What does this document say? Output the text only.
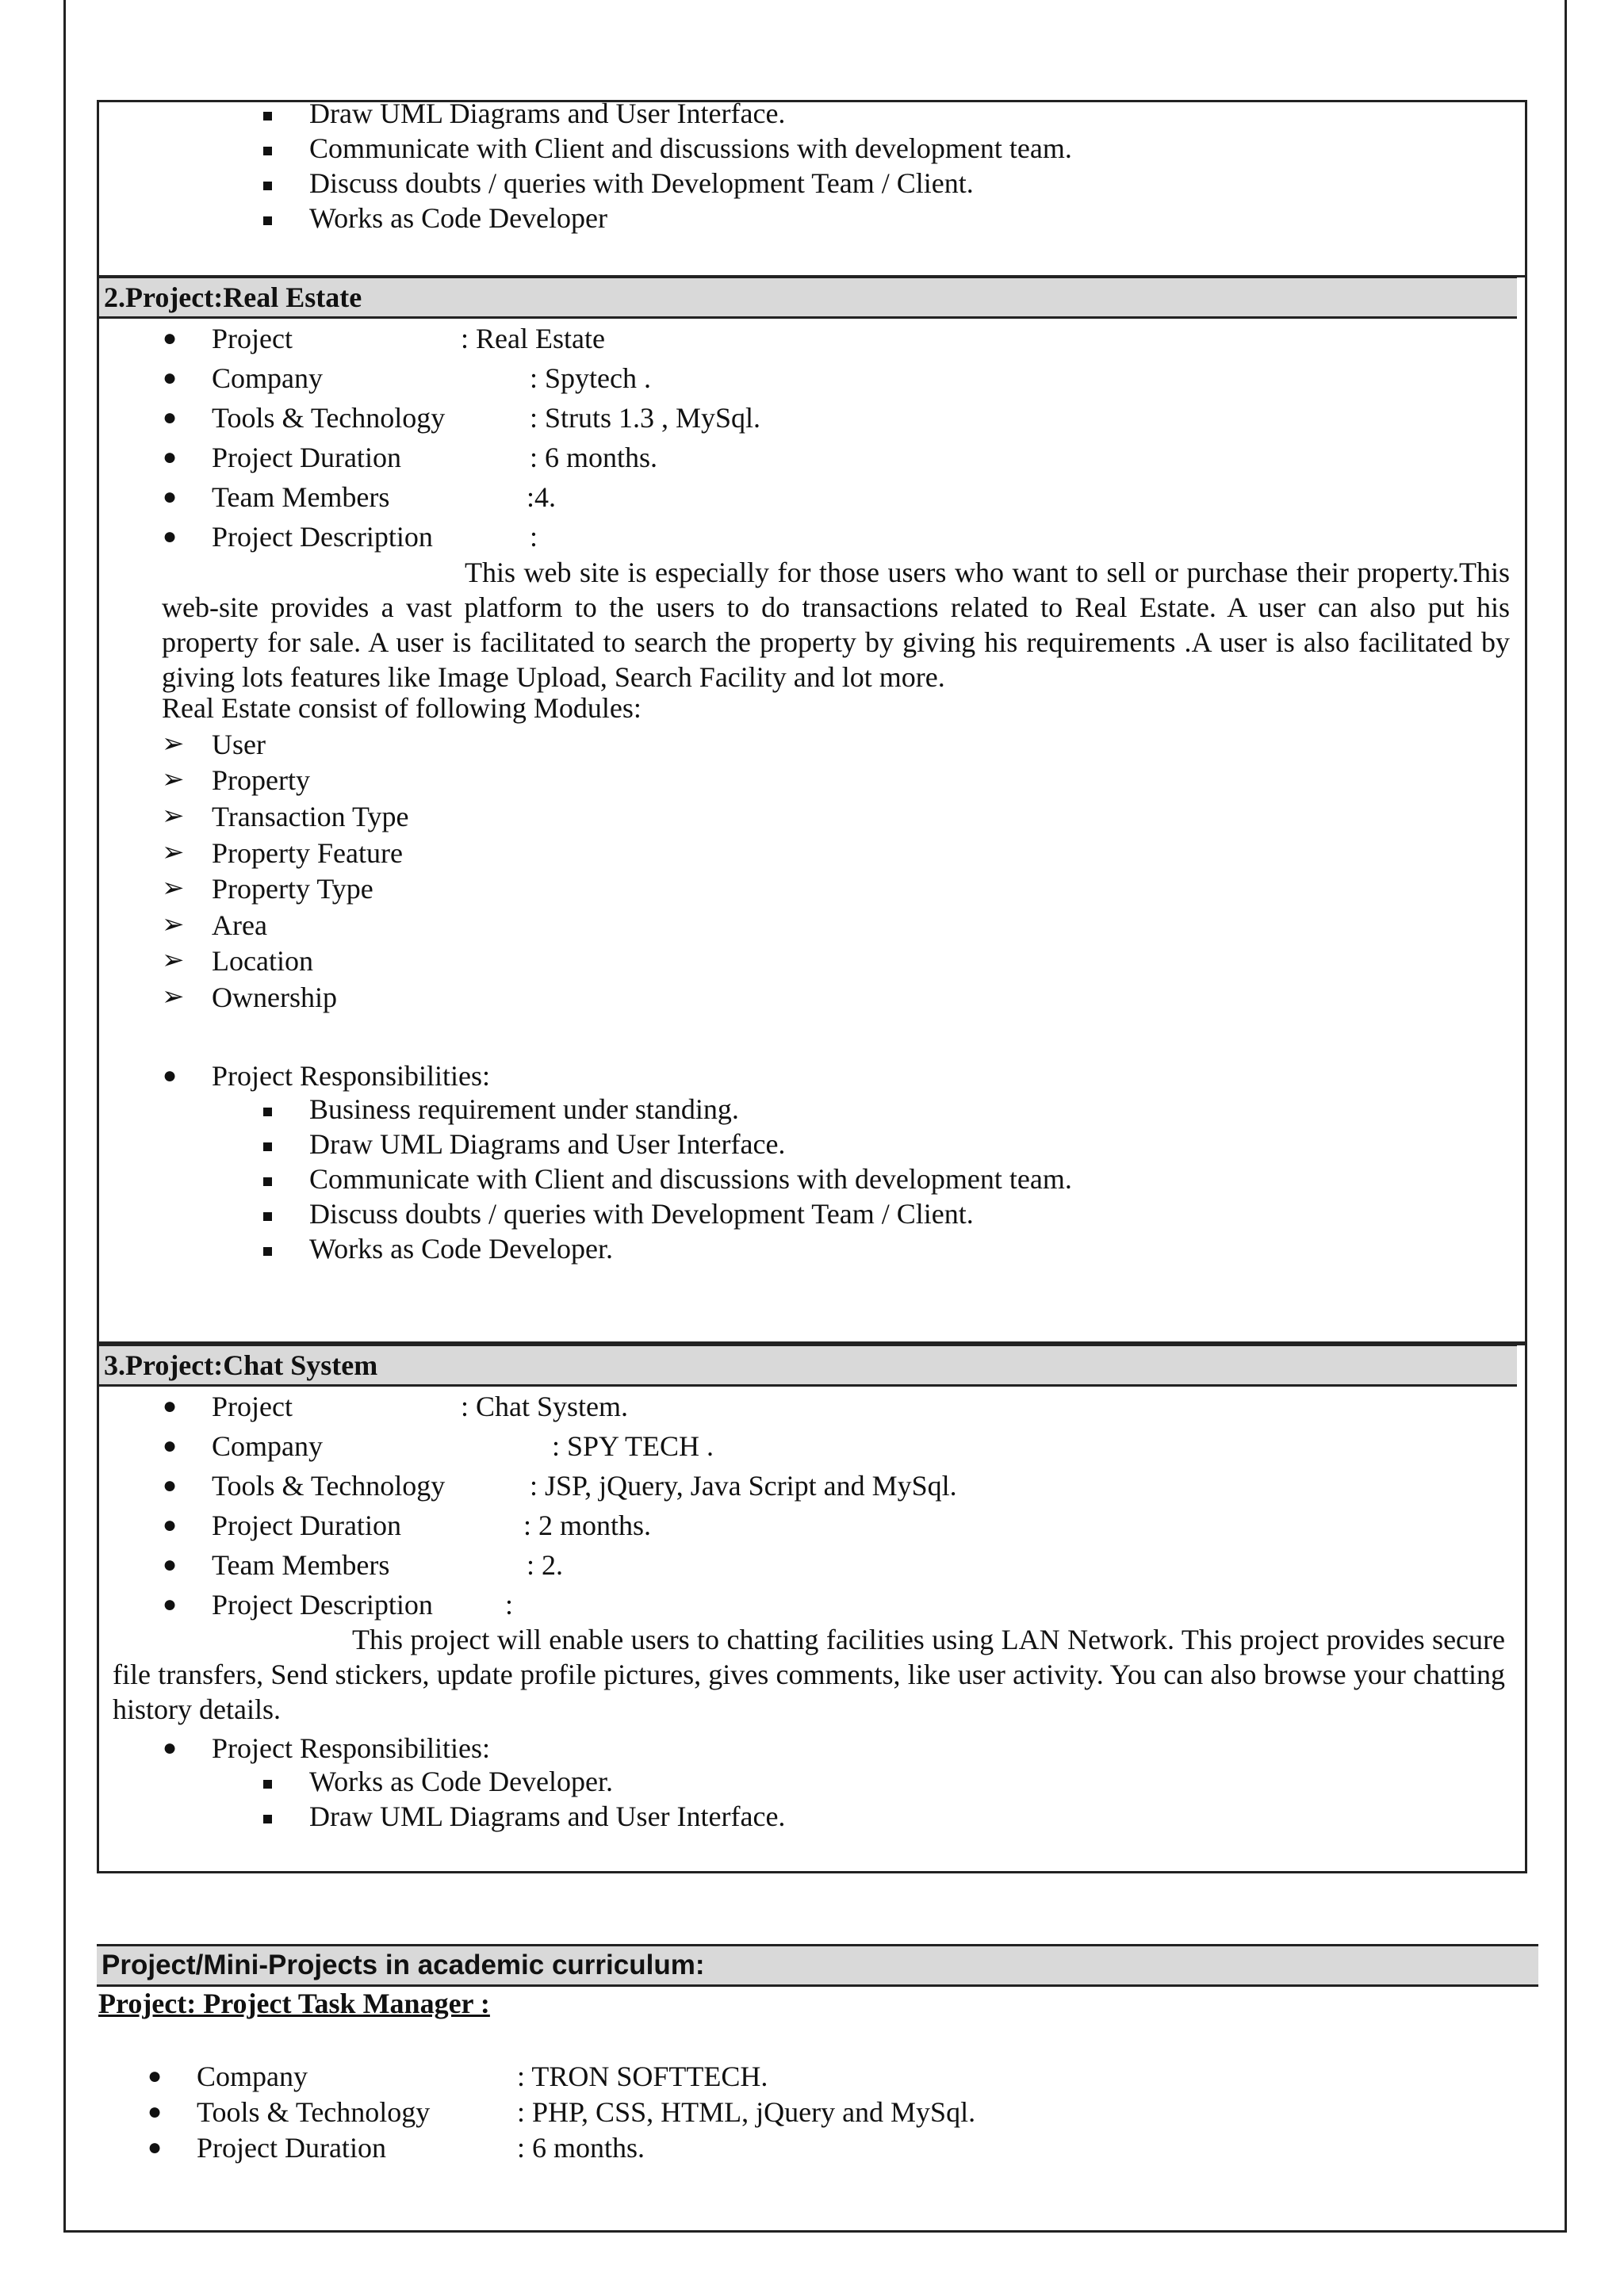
Draw UML Diagrams and User Interface.
Communicate with Client and discussions with development team.
Discuss doubts / queries with Development Team / Client.
Works as Code Developer
2.Project:Real Estate
● Project	: Real Estate
● Company	: Spytech .
● Tools & Technology	: Struts 1.3 , MySql.
● Project Duration	: 6 months.
● Team Members	:4.
● Project Description	:
This web site is especially for those users who want to sell or purchase their property.This web-site provides a vast platform to the users to do transactions related to Real Estate. A user can also put his property for sale. A user is facilitated to search the property by giving his requirements .A user is also facilitated by giving lots features like Image Upload, Search Facility and lot more.
Real Estate consist of following Modules:
➢ User
➢ Property
➢ Transaction Type
➢ Property Feature
➢ Property Type
➢ Area
➢ Location
➢ Ownership
● Project Responsibilities:
Business requirement under standing.
Draw UML Diagrams and User Interface.
Communicate with Client and discussions with development team.
Discuss doubts / queries with Development Team / Client.
Works as Code Developer.
3.Project:Chat System
● Project	: Chat System.
● Company	: SPY TECH .
● Tools & Technology	: JSP, jQuery, Java Script and MySql.
● Project Duration	: 2 months.
● Team Members	: 2.
● Project Description	:
This project will enable users to chatting facilities using LAN Network. This project provides secure file transfers, Send stickers, update profile pictures, gives comments, like user activity. You can also browse your chatting history details.
● Project Responsibilities:
Works as Code Developer.
Draw UML Diagrams and User Interface.
Project/Mini-Projects in academic curriculum:
Project: Project Task Manager :
● Company	: TRON SOFTTECH.
● Tools & Technology	: PHP, CSS, HTML, jQuery and MySql.
● Project Duration	: 6 months.
